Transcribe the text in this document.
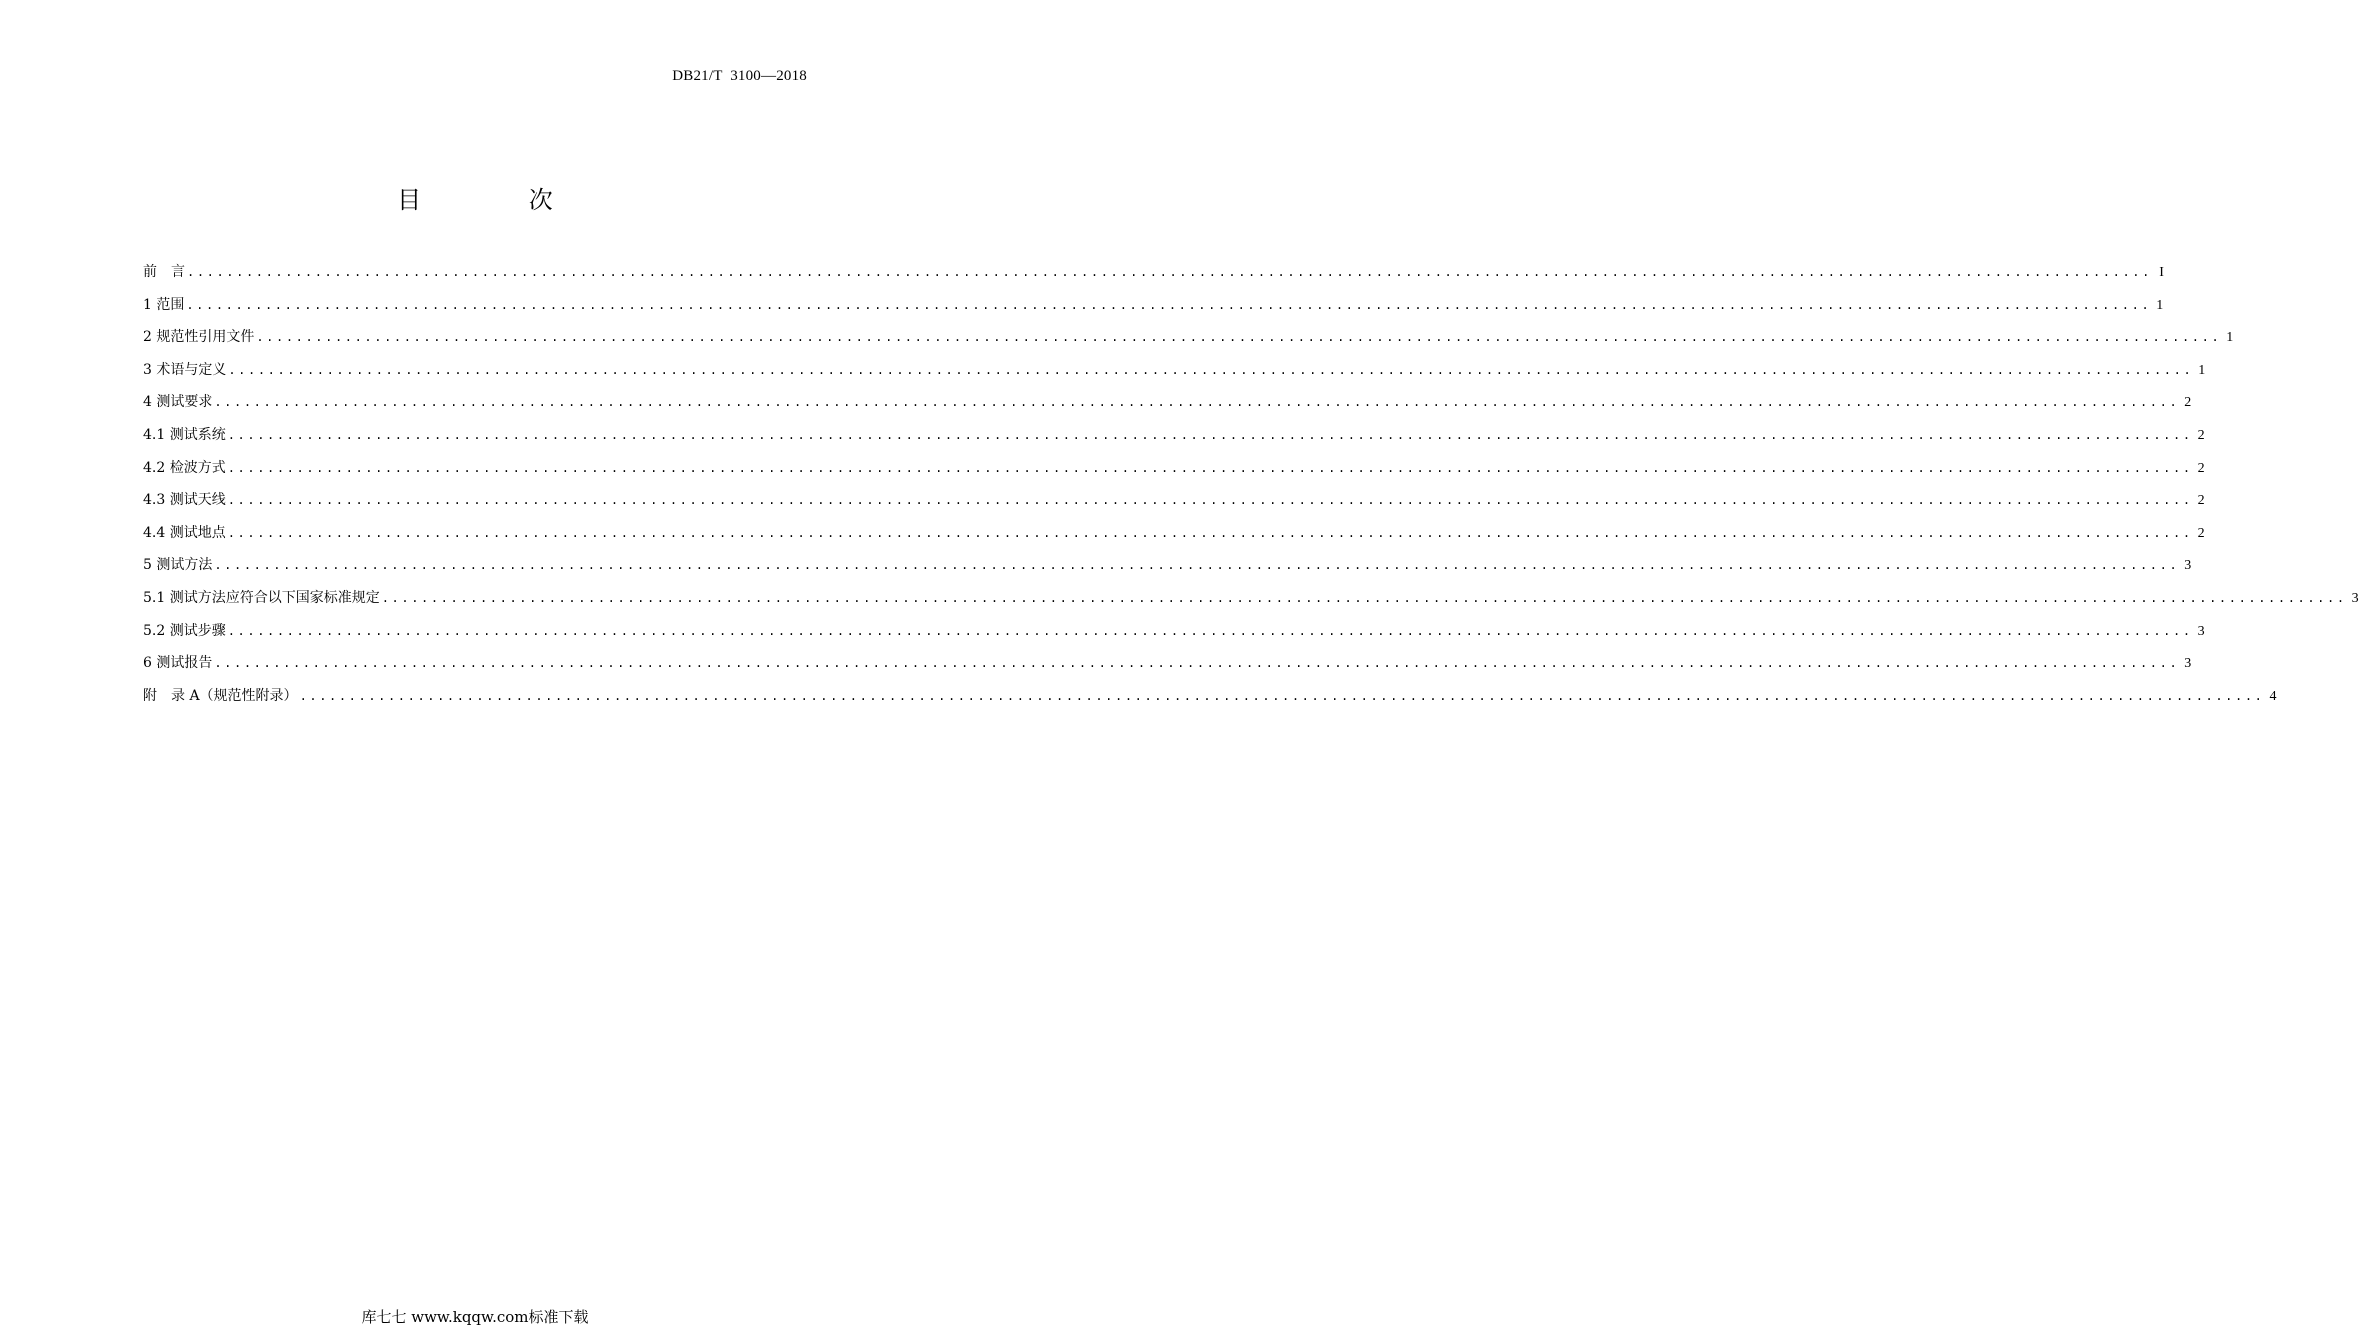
DB21/T  3100—2018
目 次
前　言 ........................................................................................................................................................................................................ I
1 范围 ........................................................................................................................................................................................................ 1
2 规范性引用文件 ........................................................................................................................................................................................................ 1
3 术语与定义 ........................................................................................................................................................................................................ 1
4 测试要求 ........................................................................................................................................................................................................ 2
4.1 测试系统 ........................................................................................................................................................................................................ 2
4.2 检波方式 ........................................................................................................................................................................................................ 2
4.3 测试天线 ........................................................................................................................................................................................................ 2
4.4 测试地点 ........................................................................................................................................................................................................ 2
5 测试方法 ........................................................................................................................................................................................................ 3
5.1 测试方法应符合以下国家标准规定 ........................................................................................................................................................................................................ 3
5.2 测试步骤 ........................................................................................................................................................................................................ 3
6 测试报告 ........................................................................................................................................................................................................ 3
附　录 A（规范性附录） ........................................................................................................................................................................................................ 4
库七七 www.kqqw.com标准下载
